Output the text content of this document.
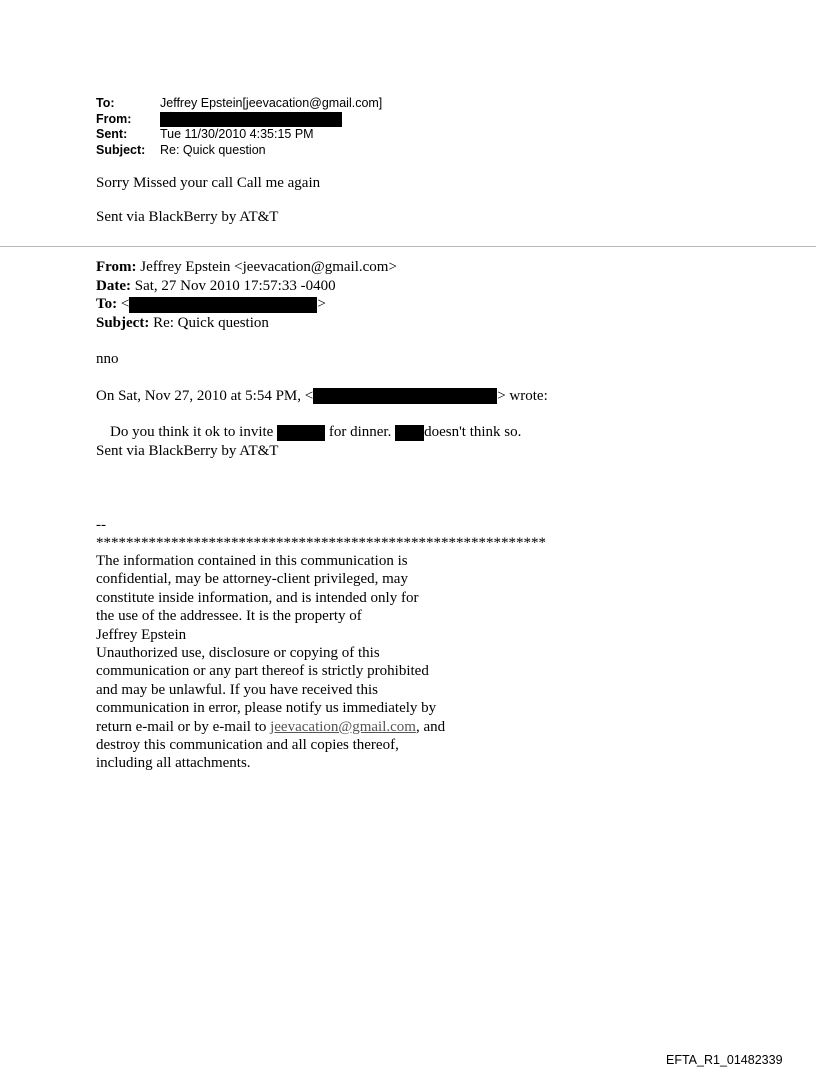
To:	Jeffrey Epstein[jeevacation@gmail.com]
From:
Sent:	Tue 11/30/2010 4:35:15 PM
Subject:	Re: Quick question
Sorry Missed your call Call me again
Sent via BlackBerry by AT&T
From: Jeffrey Epstein <jeevacation@gmail.com>
Date: Sat, 27 Nov 2010 17:57:33 -0400
To: <	>
Subject: Re: Quick question
nno
On Sat, Nov 27, 2010 at 5:54 PM, <	> wrote:
Do you think it ok to invite	for dinner. doesn't think so.
Sent via BlackBerry by AT&T
--
************************************************************
The information contained in this communication is
confidential, may be attorney-client privileged, may
constitute inside information, and is intended only for
the use of the addressee. It is the property of
Jeffrey Epstein
Unauthorized use, disclosure or copying of this
communication or any part thereof is strictly prohibited
and may be unlawful. If you have received this
communication in error, please notify us immediately by
return e-mail or by e-mail to jeevacation@gmail.com, and
destroy this communication and all copies thereof,
including all attachments.
EFTA_R1_01482339
